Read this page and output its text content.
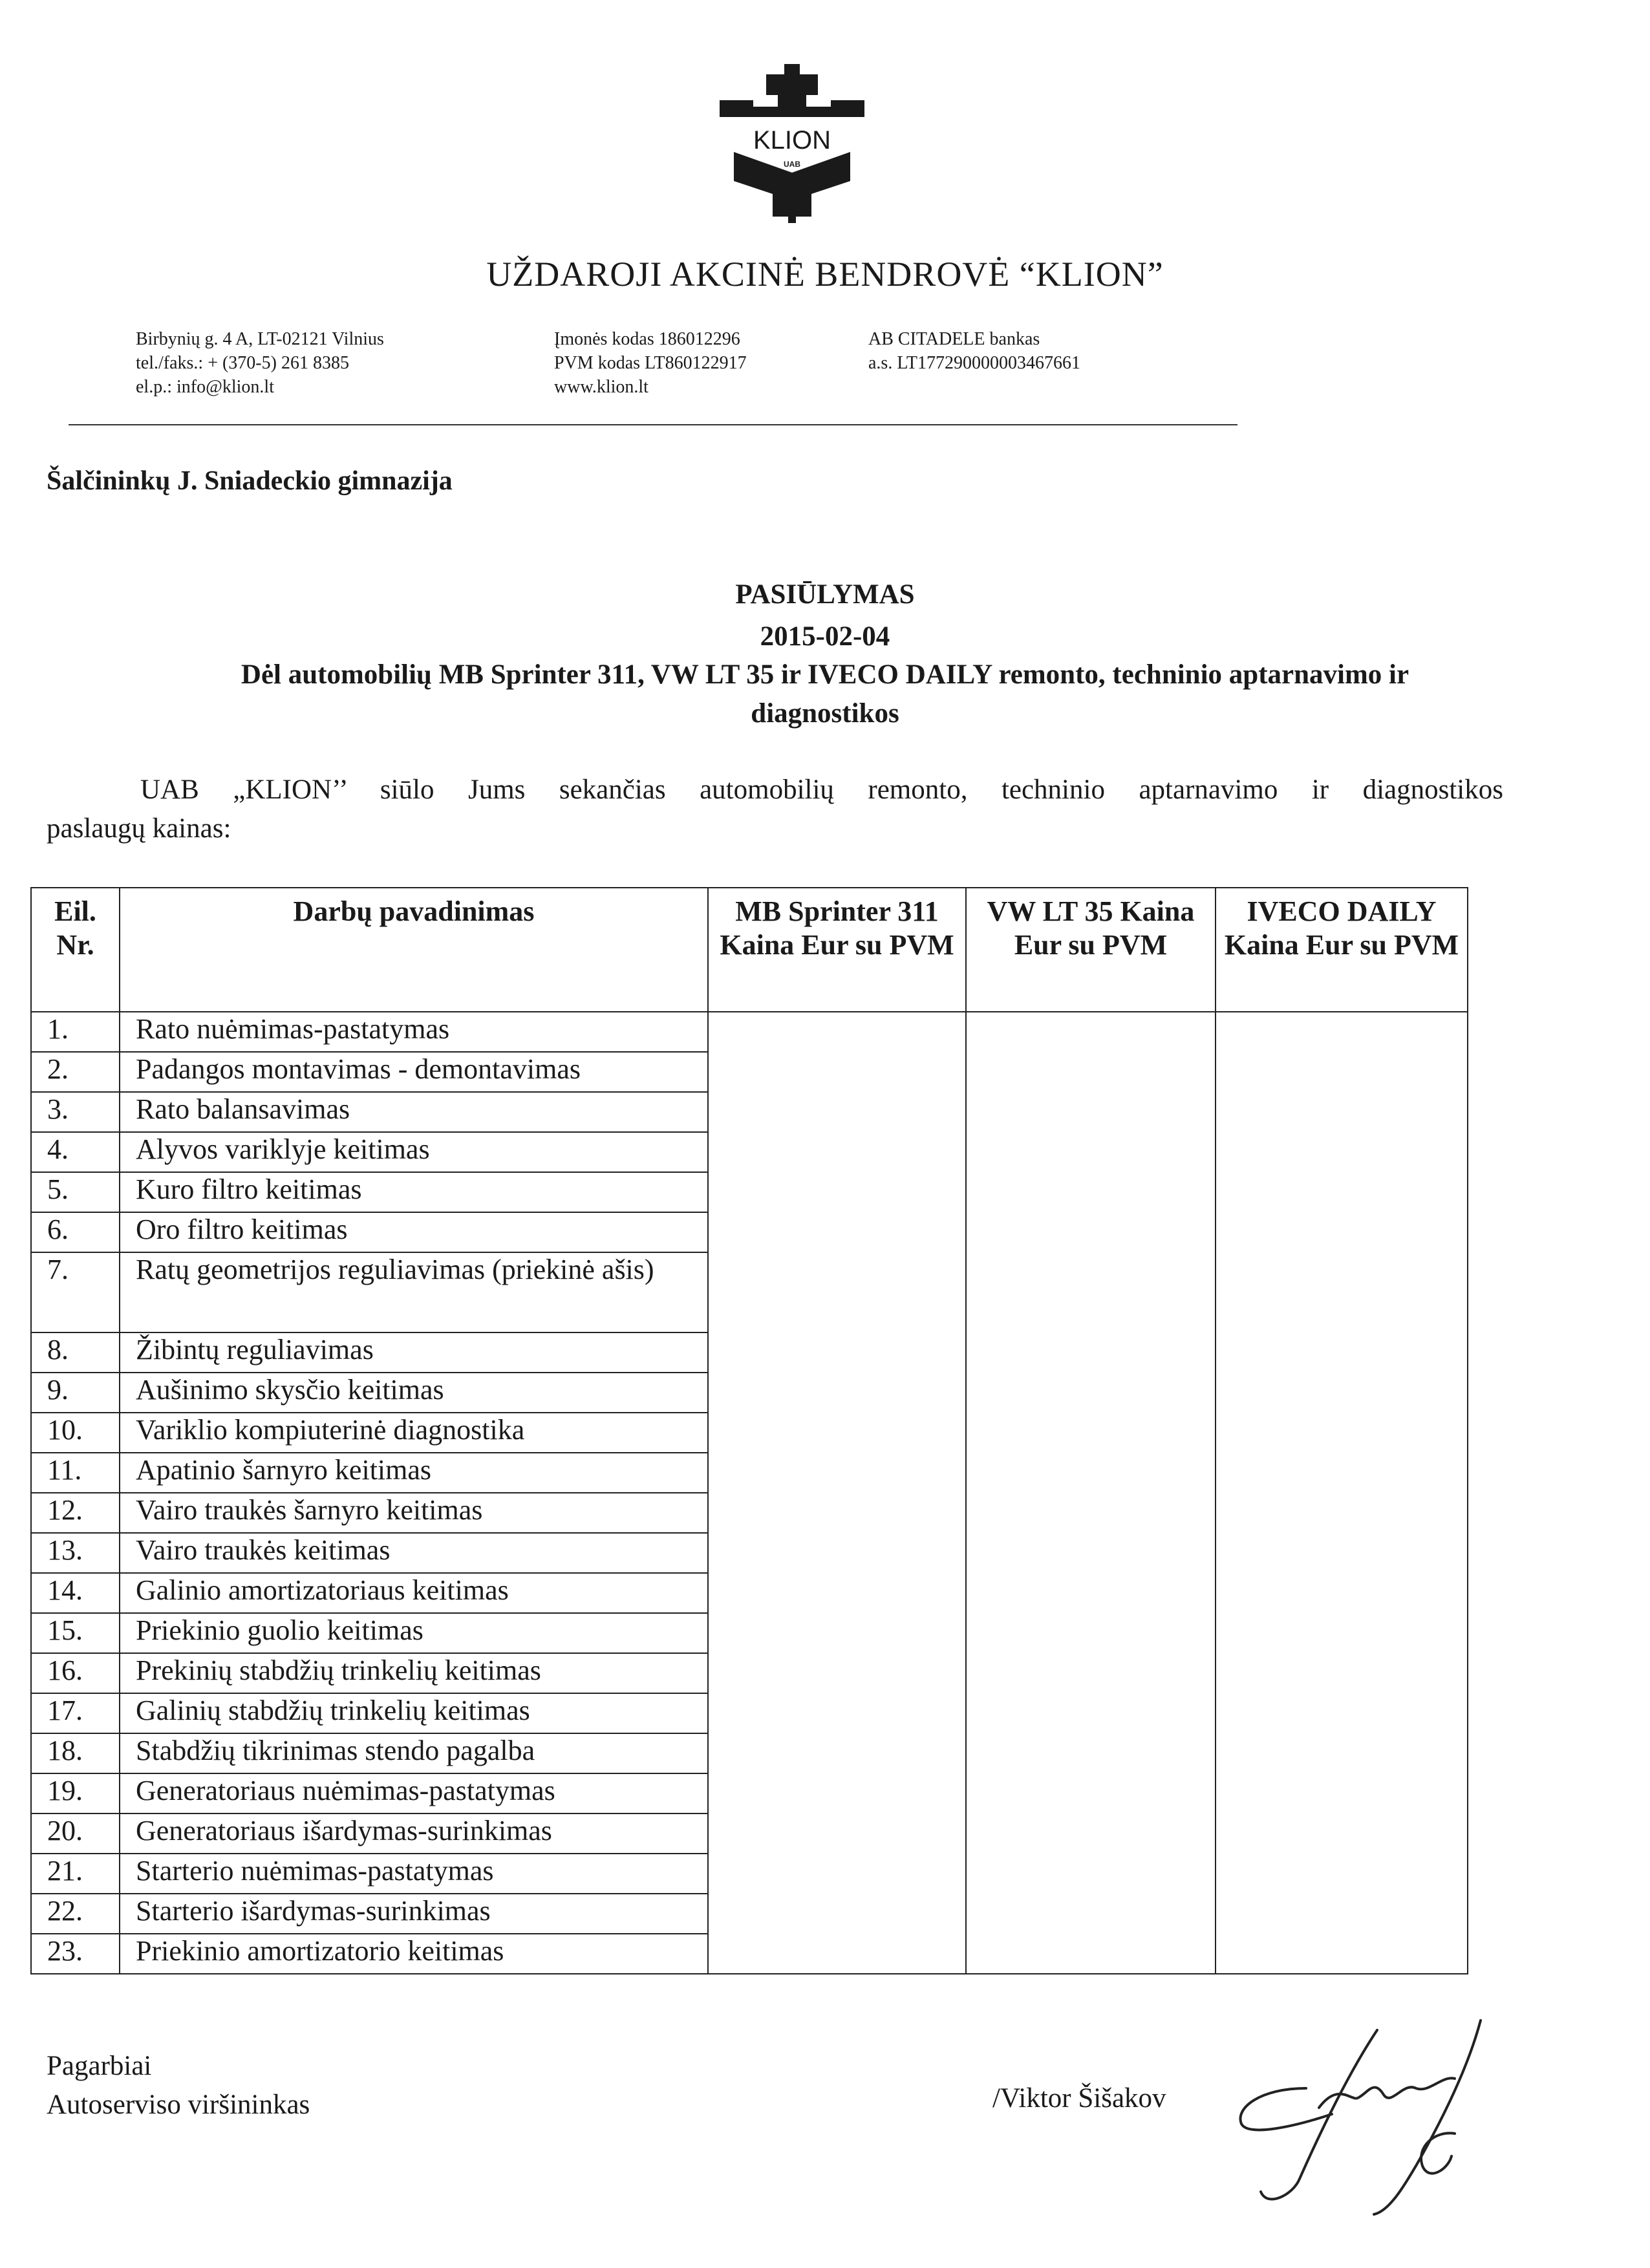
KLION
UAB
UŽDAROJI AKCINĖ BENDROVĖ “KLION”
Birbynių g. 4 A, LT-02121 Vilnius
tel./faks.: + (370-5) 261 8385
el.p.: info@klion.lt
Įmonės kodas 186012296
PVM kodas LT860122917
www.klion.lt
AB CITADELE bankas
a.s. LT177290000003467661
Šalčininkų J. Sniadeckio gimnazija
PASIŪLYMAS
2015-02-04
Dėl automobilių MB Sprinter 311, VW LT 35 ir IVECO DAILY remonto, techninio aptarnavimo ir
diagnostikos
UAB „KLION’’ siūlo Jums sekančias automobilių remonto, techninio aptarnavimo ir diagnostikos
paslaugų kainas:
Eil. Nr.	Darbų pavadinimas	MB Sprinter 311 Kaina Eur su PVM	VW LT 35 Kaina Eur su PVM	IVECO DAILY Kaina Eur su PVM
1.	Rato nuėmimas-pastatymas			
2.	Padangos montavimas - demontavimas			
3.	Rato balansavimas			
4.	Alyvos variklyje keitimas			
5.	Kuro filtro keitimas			
6.	Oro filtro keitimas			
7.	Ratų geometrijos reguliavimas (priekinė ašis)			
8.	Žibintų reguliavimas			
9.	Aušinimo skysčio keitimas			
10.	Variklio kompiuterinė diagnostika			
11.	Apatinio šarnyro keitimas			
12.	Vairo traukės šarnyro keitimas			
13.	Vairo traukės keitimas			
14.	Galinio amortizatoriaus keitimas			
15.	Priekinio guolio keitimas			
16.	Prekinių stabdžių trinkelių keitimas			
17.	Galinių stabdžių trinkelių keitimas			
18.	Stabdžių tikrinimas stendo pagalba			
19.	Generatoriaus nuėmimas-pastatymas			
20.	Generatoriaus išardymas-surinkimas			
21.	Starterio nuėmimas-pastatymas			
22.	Starterio išardymas-surinkimas			
23.	Priekinio amortizatorio keitimas			
Pagarbiai
Autoserviso viršininkas	/Viktor Šišakov
